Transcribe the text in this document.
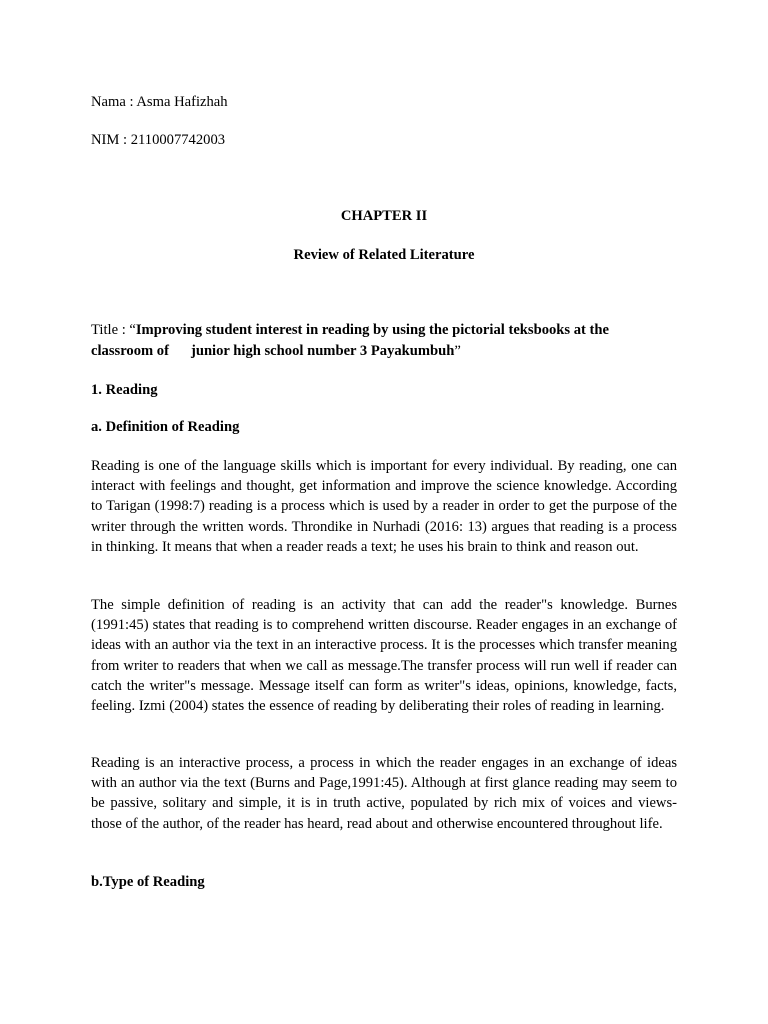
Nama : Asma Hafizhah
NIM : 2110007742003
CHAPTER II
Review of Related Literature
Title : “Improving student interest in reading by using the pictorial teksbooks at the
classroom of junior high school number 3 Payakumbuh”
1. Reading
a. Definition of Reading
Reading is one of the language skills which is important for every individual. By reading, one can interact with feelings and thought, get information and improve the science knowledge. According to Tarigan (1998:7) reading is a process which is used by a reader in order to get the purpose of the writer through the written words. Throndike in Nurhadi (2016: 13) argues that reading is a process in thinking. It means that when a reader reads a text; he uses his brain to think and reason out.
The simple definition of reading is an activity that can add the reader"s knowledge. Burnes (1991:45) states that reading is to comprehend written discourse. Reader engages in an exchange of ideas with an author via the text in an interactive process. It is the processes which transfer meaning from writer to readers that when we call as message.The transfer process will run well if reader can catch the writer"s message. Message itself can form as writer"s ideas, opinions, knowledge, facts, feeling. Izmi (2004) states the essence of reading by deliberating their roles of reading in learning.
Reading is an interactive process, a process in which the reader engages in an exchange of ideas with an author via the text (Burns and Page,1991:45). Although at first glance reading may seem to be passive, solitary and simple, it is in truth active, populated by rich mix of voices and views- those of the author, of the reader has heard, read about and otherwise encountered throughout life.
b.Type of Reading
